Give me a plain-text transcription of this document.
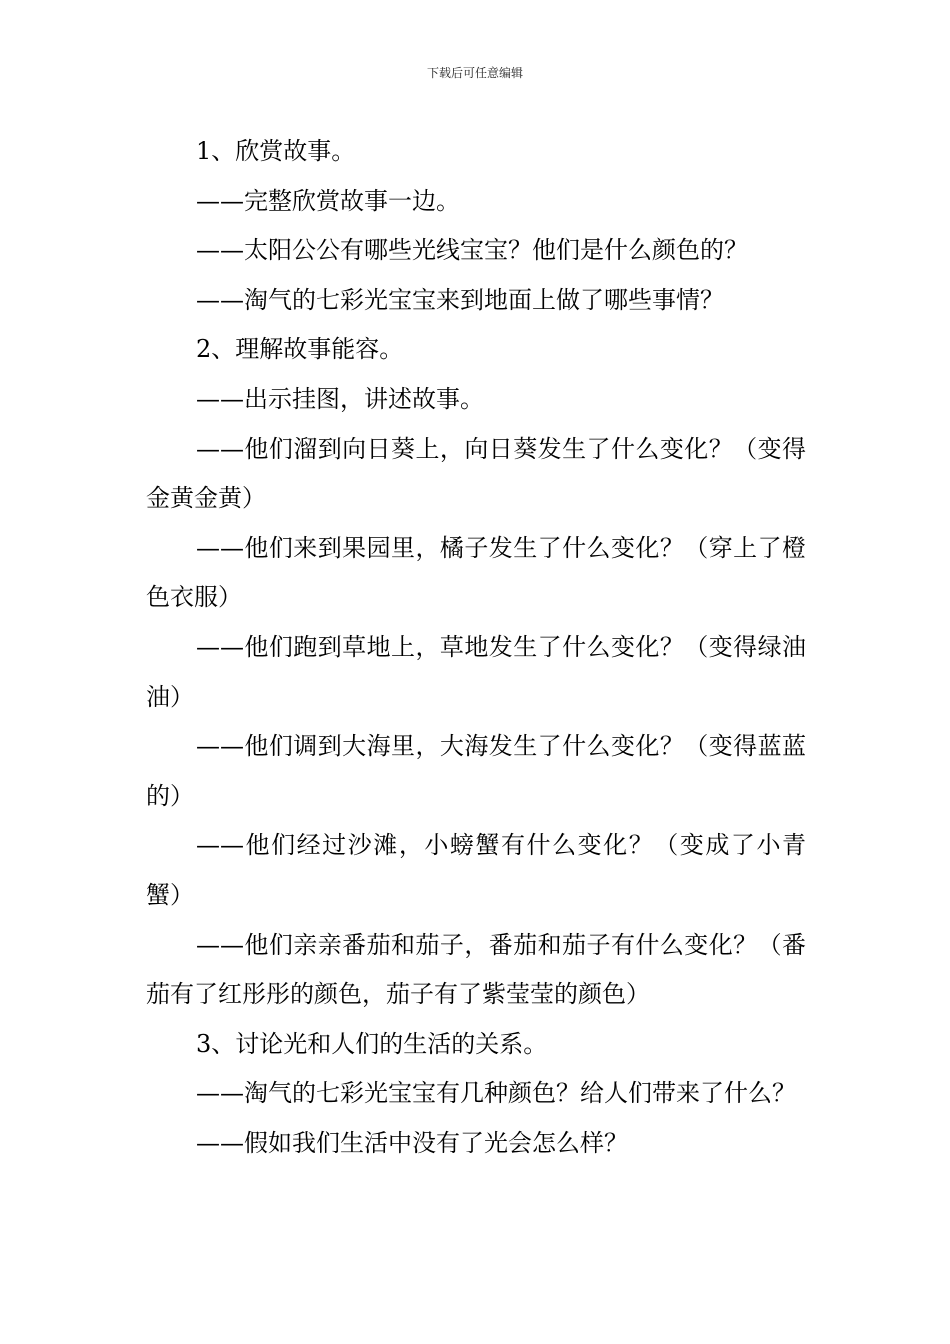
下载后可任意编辑

1、欣赏故事。

——完整欣赏故事一边。

——太阳公公有哪些光线宝宝？他们是什么颜色的？

——淘气的七彩光宝宝来到地面上做了哪些事情？

2、理解故事能容。

——出示挂图，讲述故事。

——他们溜到向日葵上，向日葵发生了什么变化？（变得金黄金黄）

——他们来到果园里，橘子发生了什么变化？（穿上了橙色衣服）

——他们跑到草地上，草地发生了什么变化？（变得绿油油）

——他们调到大海里，大海发生了什么变化？（变得蓝蓝的）

——他们经过沙滩，小螃蟹有什么变化？（变成了小青蟹）

——他们亲亲番茄和茄子，番茄和茄子有什么变化？（番茄有了红彤彤的颜色，茄子有了紫莹莹的颜色）

3、讨论光和人们的生活的关系。

——淘气的七彩光宝宝有几种颜色？给人们带来了什么？

——假如我们生活中没有了光会怎么样？
